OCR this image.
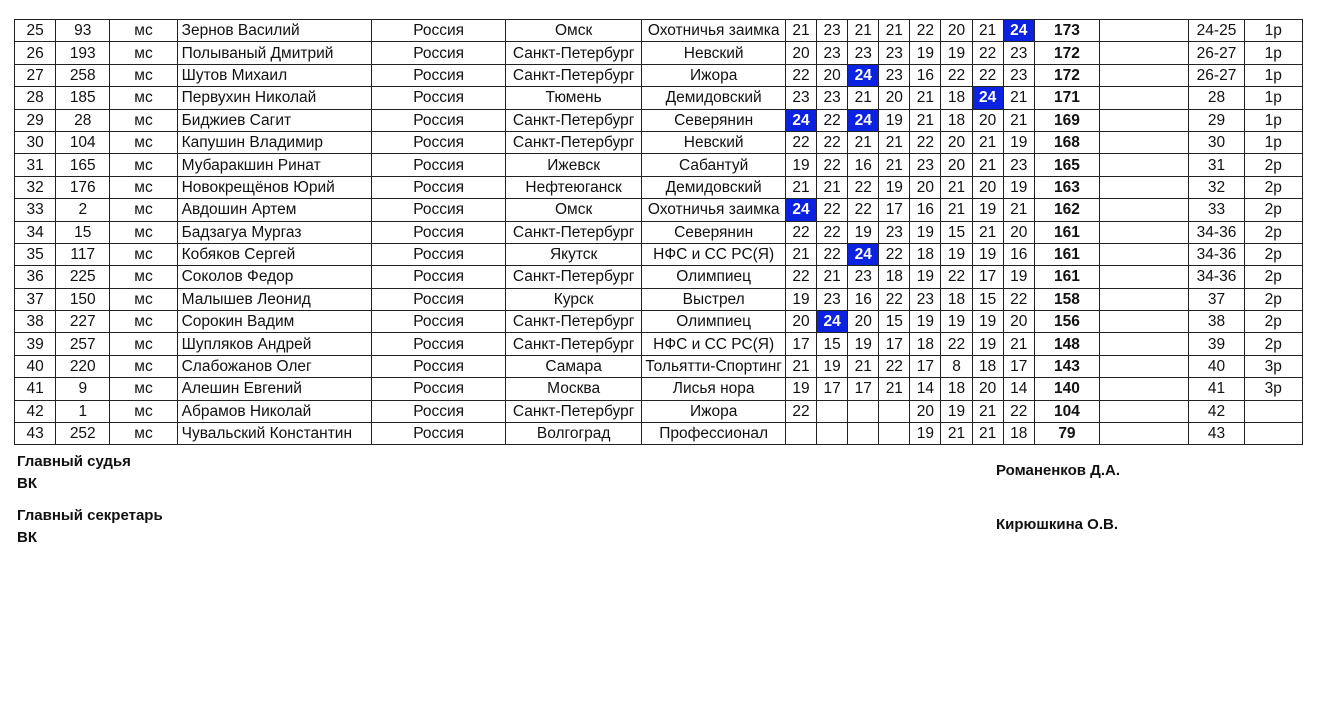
25	93	мс	Зернов Василий	Россия	Омск	Охотничья заимка	21	23	21	21	22	20	21	24	173		24-25	1р
26	193	мс	Полываный Дмитрий	Россия	Санкт-Петербург	Невский	20	23	23	23	19	19	22	23	172		26-27	1р
27	258	мс	Шутов Михаил	Россия	Санкт-Петербург	Ижора	22	20	24	23	16	22	22	23	172		26-27	1р
28	185	мс	Первухин Николай	Россия	Тюмень	Демидовский	23	23	21	20	21	18	24	21	171		28	1р
29	28	мс	Биджиев Сагит	Россия	Санкт-Петербург	Северянин	24	22	24	19	21	18	20	21	169		29	1р
30	104	мс	Капушин Владимир	Россия	Санкт-Петербург	Невский	22	22	21	21	22	20	21	19	168		30	1р
31	165	мс	Мубаракшин Ринат	Россия	Ижевск	Сабантуй	19	22	16	21	23	20	21	23	165		31	2р
32	176	мс	Новокрещёнов Юрий	Россия	Нефтеюганск	Демидовский	21	21	22	19	20	21	20	19	163		32	2р
33	2	мс	Авдошин Артем	Россия	Омск	Охотничья заимка	24	22	22	17	16	21	19	21	162		33	2р
34	15	мс	Бадзагуа Мургаз	Россия	Санкт-Петербург	Северянин	22	22	19	23	19	15	21	20	161		34-36	2р
35	117	мс	Кобяков Сергей	Россия	Якутск	НФС и СС РС(Я)	21	22	24	22	18	19	19	16	161		34-36	2р
36	225	мс	Соколов Федор	Россия	Санкт-Петербург	Олимпиец	22	21	23	18	19	22	17	19	161		34-36	2р
37	150	мс	Малышев Леонид	Россия	Курск	Выстрел	19	23	16	22	23	18	15	22	158		37	2р
38	227	мс	Сорокин Вадим	Россия	Санкт-Петербург	Олимпиец	20	24	20	15	19	19	19	20	156		38	2р
39	257	мс	Шупляков Андрей	Россия	Санкт-Петербург	НФС и СС РС(Я)	17	15	19	17	18	22	19	21	148		39	2р
40	220	мс	Слабожанов Олег	Россия	Самара	Тольятти-Спортинг	21	19	21	22	17	8	18	17	143		40	3р
41	9	мс	Алешин Евгений	Россия	Москва	Лисья нора	19	17	17	21	14	18	20	14	140		41	3р
42	1	мс	Абрамов Николай	Россия	Санкт-Петербург	Ижора	22				20	19	21	22	104		42	
43	252	мс	Чувальский Константин	Россия	Волгоград	Профессионал					19	21	21	18	79		43	
Главный судья
ВК
Романенков Д.А.
Главный секретарь
ВК
Кирюшкина О.В.
